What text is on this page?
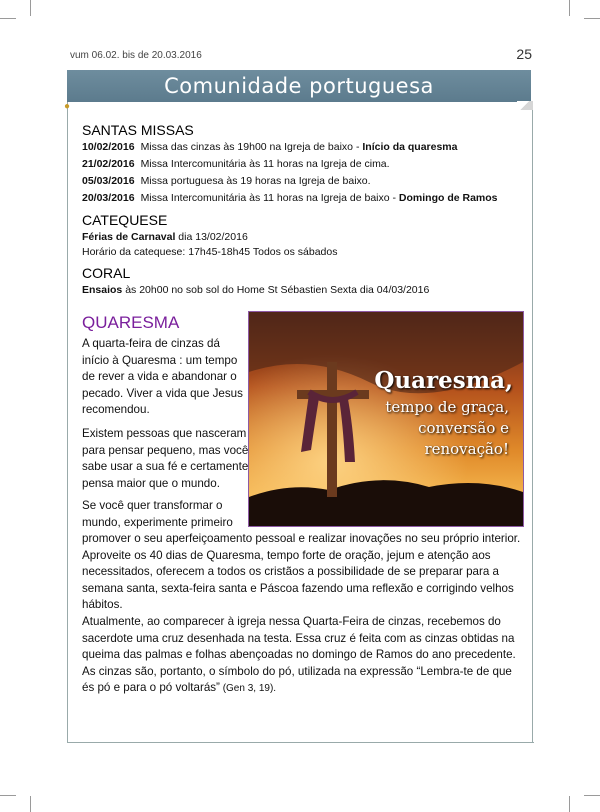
vum 06.02. bis de 20.03.2016	25
Comunidade portuguesa
●
SANTAS MISSAS
10/02/2016 Missa das cinzas às 19h00 na Igreja de baixo - Início da quaresma
21/02/2016 Missa Intercomunitária às 11 horas na Igreja de cima.
05/03/2016 Missa portuguesa às 19 horas na Igreja de baixo.
20/03/2016 Missa Intercomunitária às 11 horas na Igreja de baixo - Domingo de Ramos
CATEQUESE
Férias de Carnaval dia 13/02/2016
Horário da catequese: 17h45-18h45 Todos os sábados
CORAL
Ensaios às 20h00 no sob sol do Home St Sébastien Sexta dia 04/03/2016
QUARESMA
A quarta-feira de cinzas dá
início à Quaresma : um tempo
de rever a vida e abandonar o
pecado. Viver a vida que Jesus
recomendou.
Existem pessoas que nasceram
para pensar pequeno, mas você
sabe usar a sua fé e certamente
pensa maior que o mundo.
Se você quer transformar o
mundo, experimente primeiro
promover o seu aperfeiçoamento pessoal e realizar inovações no seu próprio interior.
Aproveite os 40 dias de Quaresma, tempo forte de oração, jejum e atenção aos
necessitados, oferecem a todos os cristãos a possibilidade de se preparar para a
semana santa, sexta-feira santa e Páscoa fazendo uma reflexão e corrigindo velhos
hábitos.
Atualmente, ao comparecer à igreja nessa Quarta-Feira de cinzas, recebemos do
sacerdote uma cruz desenhada na testa. Essa cruz é feita com as cinzas obtidas na
queima das palmas e folhas abençoadas no domingo de Ramos do ano precedente.
As cinzas são, portanto, o símbolo do pó, utilizada na expressão “Lembra-te de que
és pó e para o pó voltarás” (Gen 3, 19).
Quaresma,
tempo de graça,
conversão e
renovação!
